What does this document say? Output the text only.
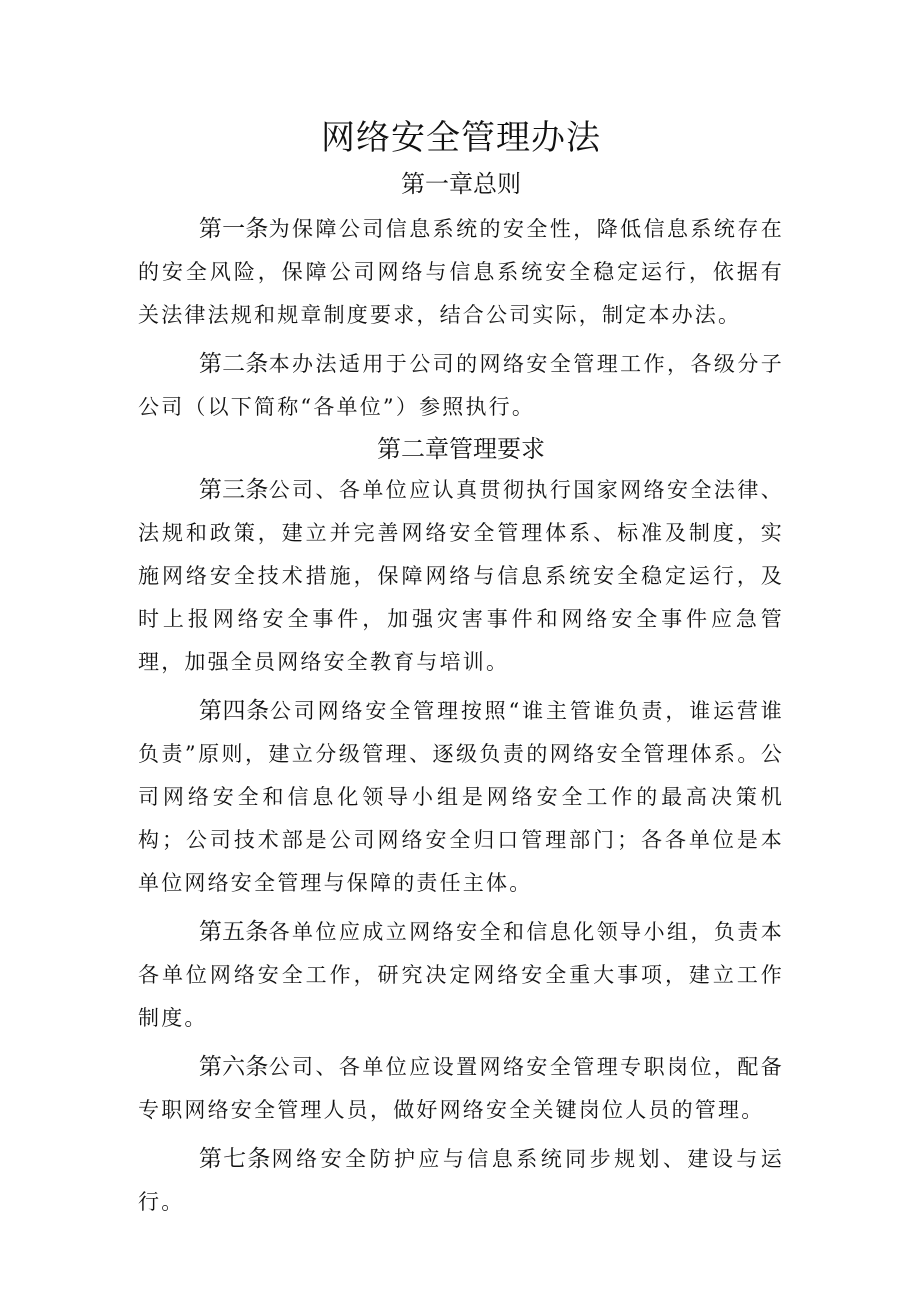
网络安全管理办法
第一章总则

第一条为保障公司信息系统的安全性，降低信息系统存在的安全风险，保障公司网络与信息系统安全稳定运行，依据有关法律法规和规章制度要求，结合公司实际，制定本办法。

第二条本办法适用于公司的网络安全管理工作，各级分子公司（以下简称“各单位”）参照执行。

第二章管理要求

第三条公司、各单位应认真贯彻执行国家网络安全法律、法规和政策，建立并完善网络安全管理体系、标准及制度，实施网络安全技术措施，保障网络与信息系统安全稳定运行，及时上报网络安全事件，加强灾害事件和网络安全事件应急管理，加强全员网络安全教育与培训。

第四条公司网络安全管理按照“谁主管谁负责，谁运营谁负责”原则，建立分级管理、逐级负责的网络安全管理体系。公司网络安全和信息化领导小组是网络安全工作的最高决策机构；公司技术部是公司网络安全归口管理部门；各各单位是本单位网络安全管理与保障的责任主体。

第五条各单位应成立网络安全和信息化领导小组，负责本各单位网络安全工作，研究决定网络安全重大事项，建立工作制度。

第六条公司、各单位应设置网络安全管理专职岗位，配备专职网络安全管理人员，做好网络安全关键岗位人员的管理。

第七条网络安全防护应与信息系统同步规划、建设与运行。
